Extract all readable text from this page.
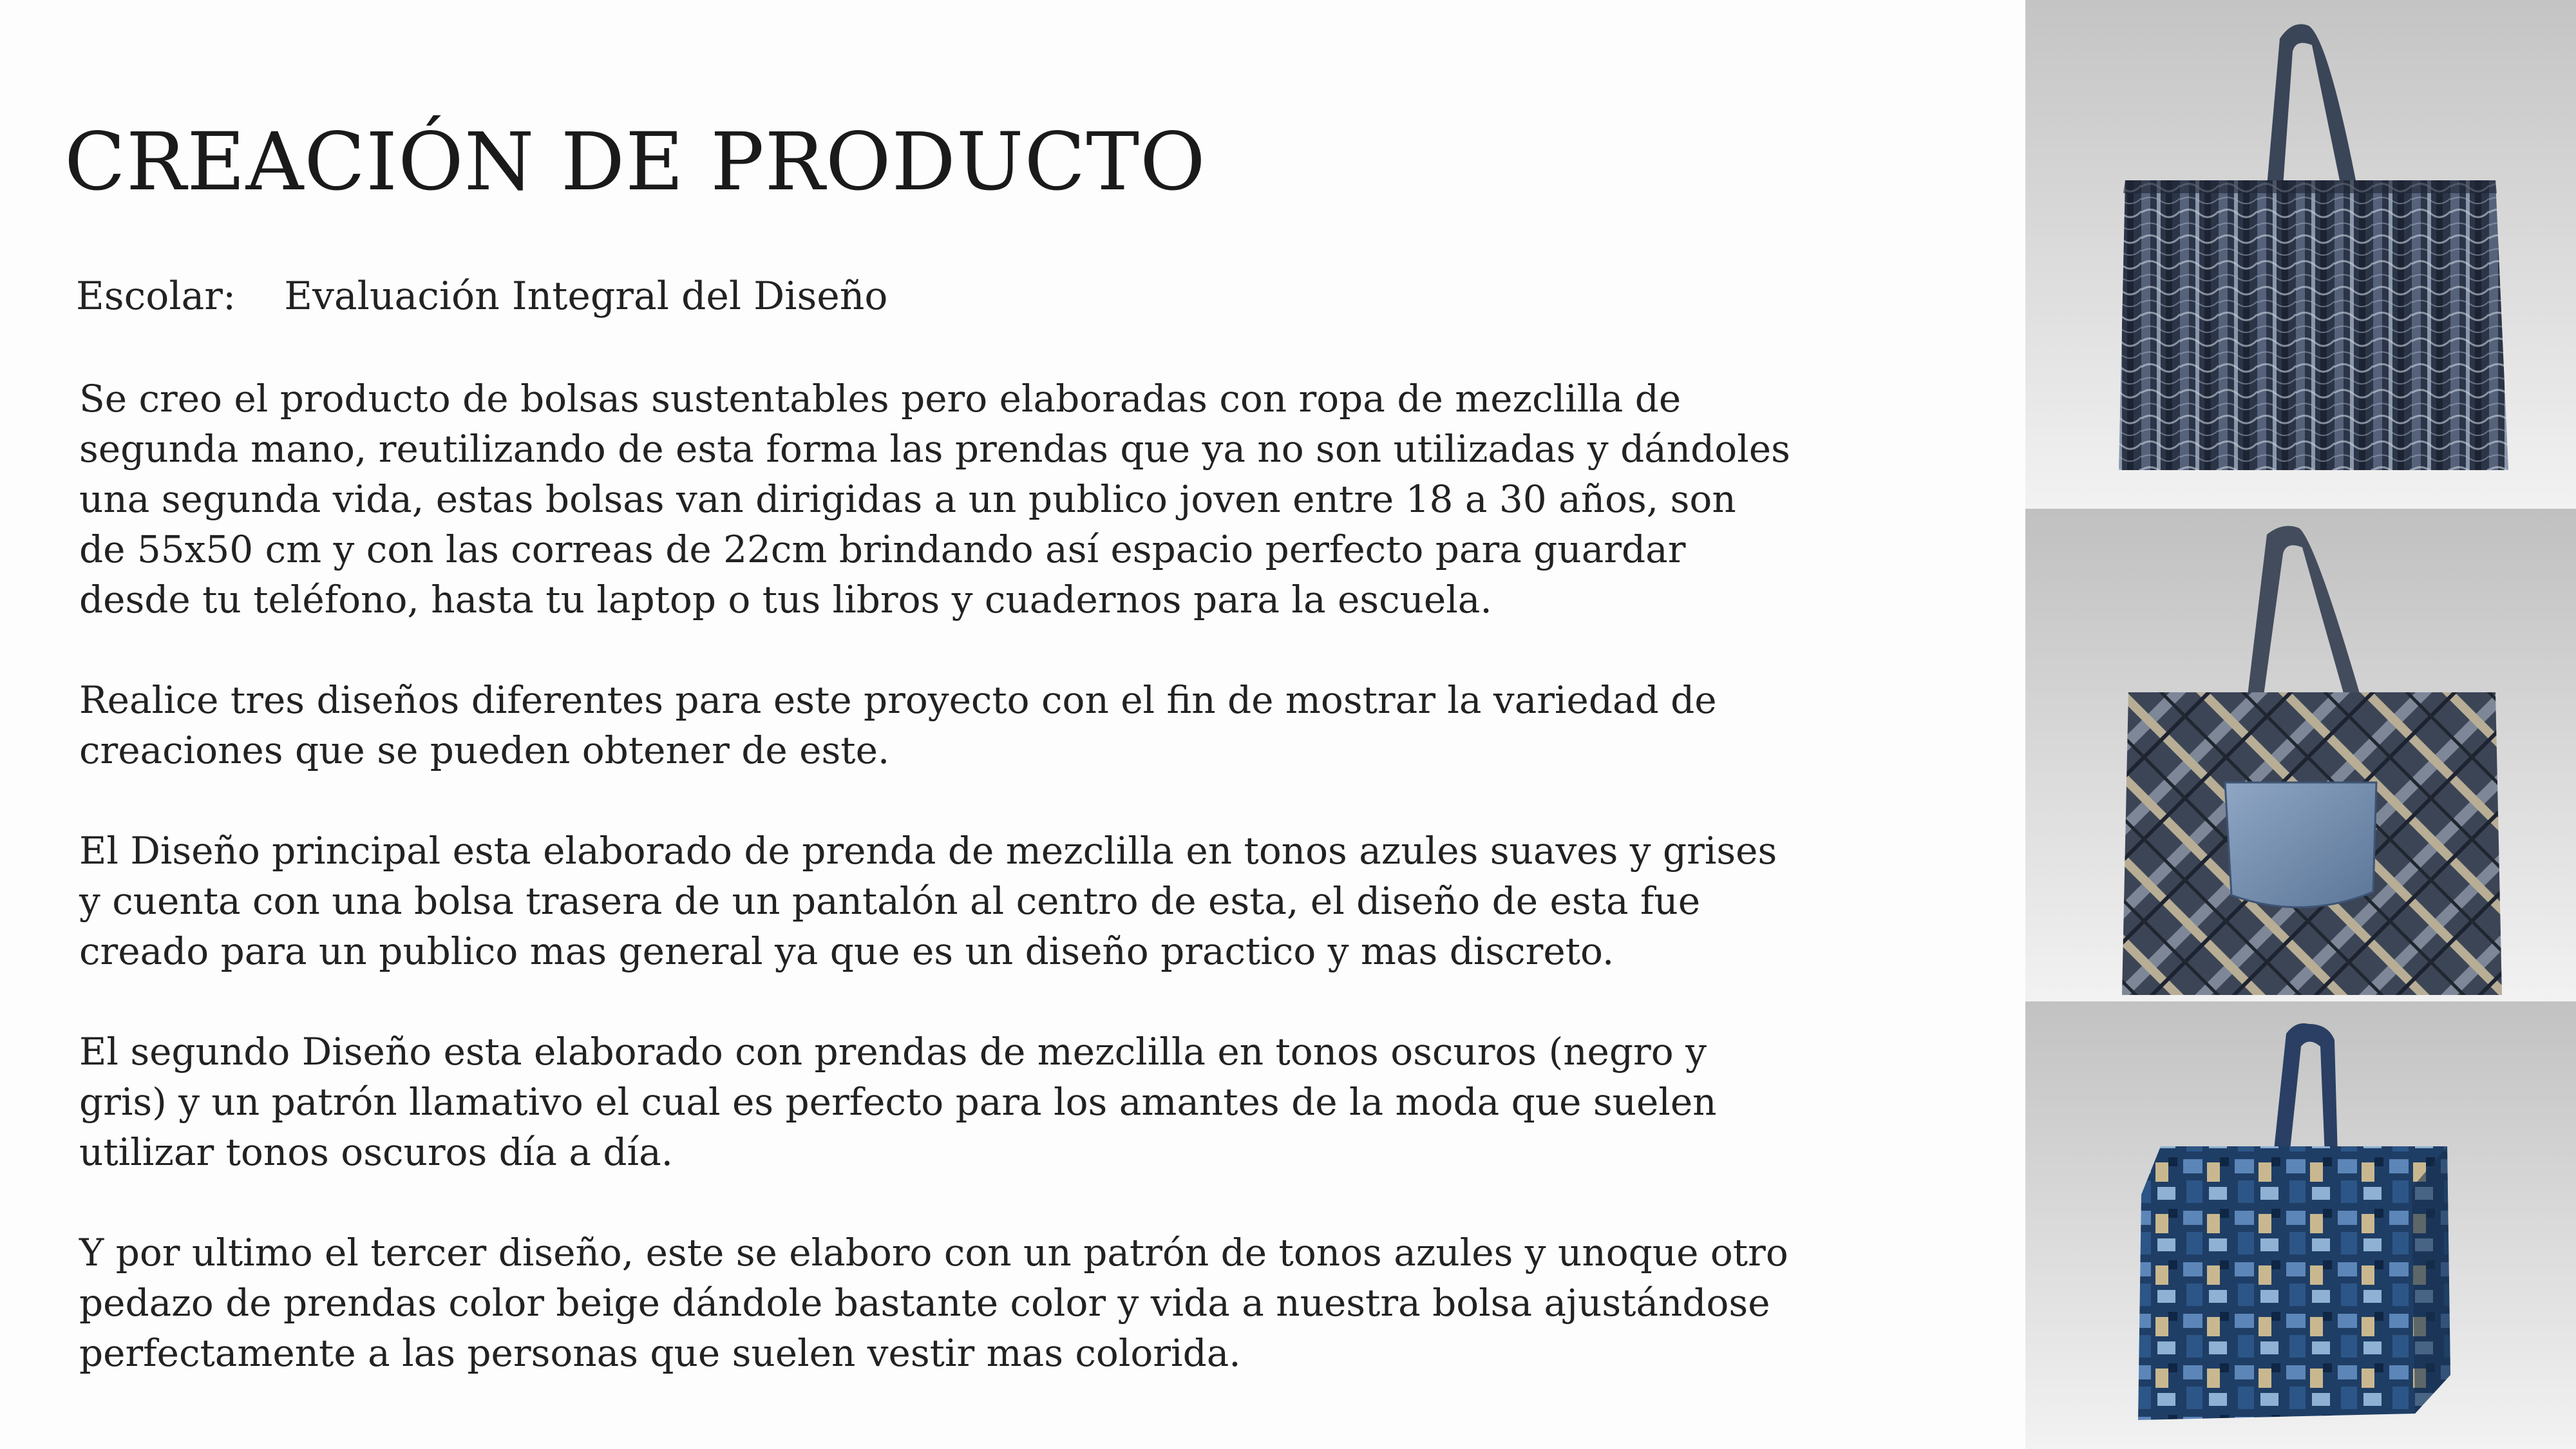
CREACIÓN DE PRODUCTO
Escolar: Evaluación Integral del Diseño

Se creo el producto de bolsas sustentables pero elaboradas con ropa de mezclilla de segunda mano, reutilizando de esta forma las prendas que ya no son utilizadas y dándoles una segunda vida, estas bolsas van dirigidas a un publico joven entre 18 a 30 años, son de 55x50 cm y con las correas de 22cm brindando así espacio perfecto para guardar desde tu teléfono, hasta tu laptop o tus libros y cuadernos para la escuela.

Realice tres diseños diferentes para este proyecto con el fin de mostrar la variedad de creaciones que se pueden obtener de este.

El Diseño principal esta elaborado de prenda de mezclilla en tonos azules suaves y grises y cuenta con una bolsa trasera de un pantalón al centro de esta, el diseño de esta fue creado para un publico mas general ya que es un diseño practico y mas discreto.

El segundo Diseño esta elaborado con prendas de mezclilla en tonos oscuros (negro y gris) y un patrón llamativo el cual es perfecto para los amantes de la moda que suelen utilizar tonos oscuros día a día.

Y por ultimo el tercer diseño, este se elaboro con un patrón de tonos azules y unoque otro pedazo de prendas color beige dándole bastante color y vida a nuestra bolsa ajustándose perfectamente a las personas que suelen vestir mas colorida.
